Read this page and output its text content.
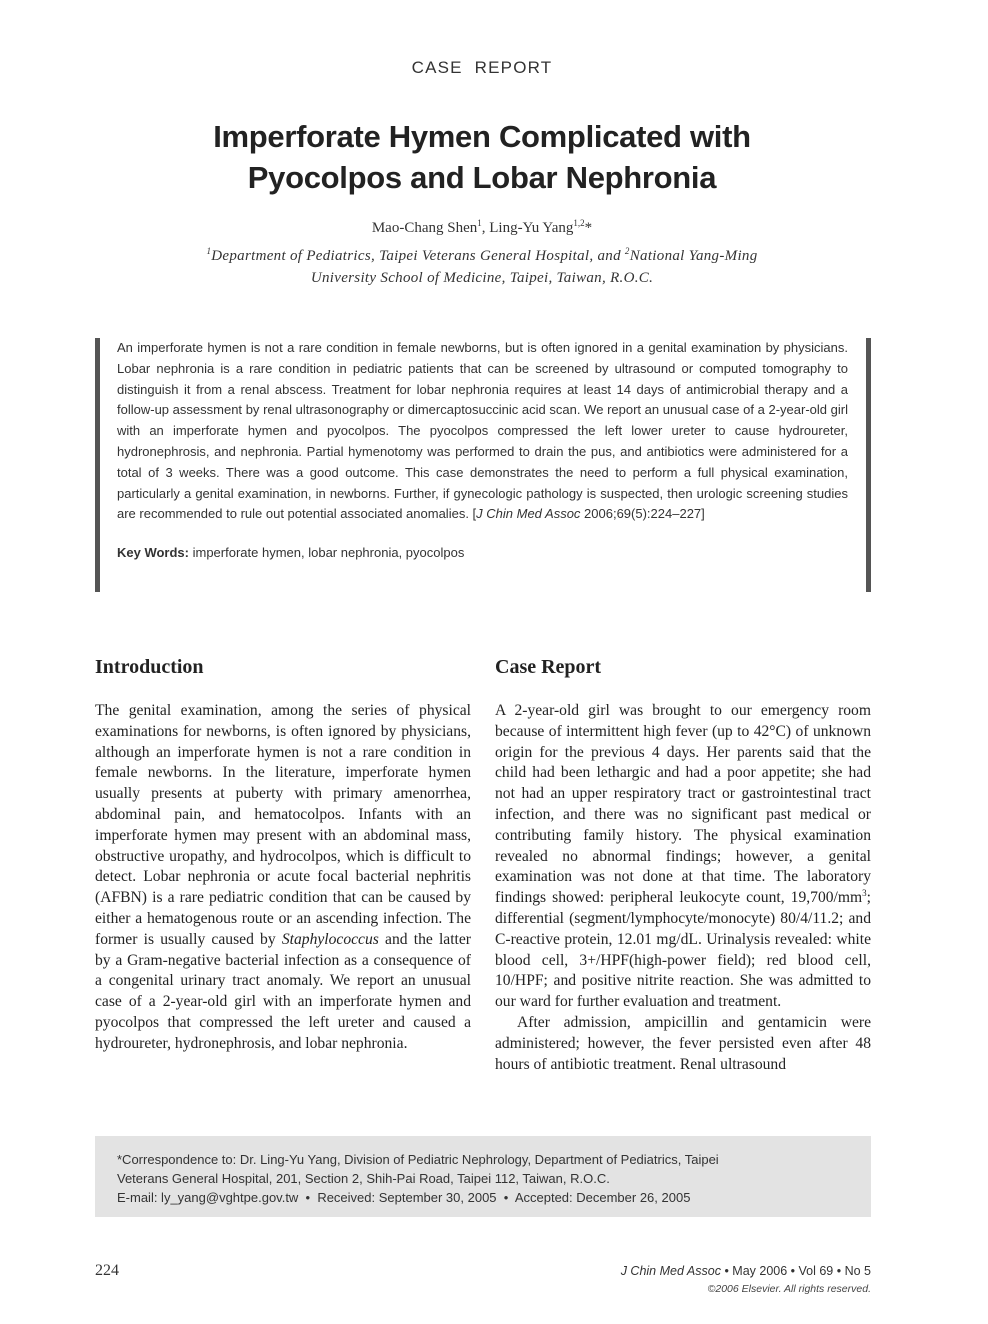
CASE REPORT
Imperforate Hymen Complicated with
Pyocolpos and Lobar Nephronia
Mao-Chang Shen$^1$, Ling-Yu Yang$^{1,2}$*
$^1$Department of Pediatrics, Taipei Veterans General Hospital, and $^2$National Yang-Ming
University School of Medicine, Taipei, Taiwan, R.O.C.

An imperforate hymen is not a rare condition in female newborns, but is often ignored in a genital examination by physicians. Lobar nephronia is a rare condition in pediatric patients that can be screened by ultrasound or computed tomography to distinguish it from a renal abscess. Treatment for lobar nephronia requires at least 14 days of antimicrobial therapy and a follow-up assessment by renal ultrasonography or dimercaptosuccinic acid scan. We report an unusual case of a 2-year-old girl with an imperforate hymen and pyocolpos. The pyocolpos compressed the left lower ureter to cause hydroureter, hydronephrosis, and nephronia. Partial hymenotomy was performed to drain the pus, and antibiotics were administered for a total of 3 weeks. There was a good outcome. This case demonstrates the need to perform a full physical examination, particularly a genital examination, in newborns. Further, if gynecologic pathology is suspected, then urologic screening studies are recommended to rule out potential associated anomalies. [J Chin Med Assoc 2006;69(5):224–227]

Key Words: imperforate hymen, lobar nephronia, pyocolpos
Introduction

The genital examination, among the series of physical examinations for newborns, is often ignored by physicians, although an imperforate hymen is not a rare condition in female newborns. In the literature, imperforate hymen usually presents at puberty with primary amenorrhea, abdominal pain, and hematocolpos. Infants with an imperforate hymen may present with an abdominal mass, obstructive uropathy, and hydrocolpos, which is difficult to detect. Lobar nephronia or acute focal bacterial nephritis (AFBN) is a rare pediatric condition that can be caused by either a hematogenous route or an ascending infection. The former is usually caused by Staphylococcus and the latter by a Gram-negative bacterial infection as a consequence of a congenital urinary tract anomaly. We report an unusual case of a 2-year-old girl with an imperforate hymen and pyocolpos that compressed the left ureter and caused a hydroureter, hydronephrosis, and lobar nephronia.

Case Report

A 2-year-old girl was brought to our emergency room because of intermittent high fever (up to 42°C) of unknown origin for the previous 4 days. Her parents said that the child had been lethargic and had a poor appetite; she had not had an upper respiratory tract or gastrointestinal tract infection, and there was no significant past medical or contributing family history. The physical examination revealed no abnormal findings; however, a genital examination was not done at that time. The laboratory findings showed: peripheral leukocyte count, $19,700/mm^3$; differential (segment/lymphocyte/monocyte) 80/4/11.2; and C-reactive protein, 12.01 mg/dL. Urinalysis revealed: white blood cell, 3+/HPF(high-power field); red blood cell, 10/HPF; and positive nitrite reaction. She was admitted to our ward for further evaluation and treatment.

After admission, ampicillin and gentamicin were administered; however, the fever persisted even after 48 hours of antibiotic treatment. Renal ultrasound

*Correspondence to: Dr. Ling-Yu Yang, Division of Pediatric Nephrology, Department of Pediatrics, Taipei
Veterans General Hospital, 201, Section 2, Shih-Pai Road, Taipei 112, Taiwan, R.O.C.
E-mail: ly_yang@vghtpe.gov.tw  •  Received: September 30, 2005  •  Accepted: December 26, 2005
224	J Chin Med Assoc • May 2006 • Vol 69 • No 5
©2006 Elsevier. All rights reserved.
